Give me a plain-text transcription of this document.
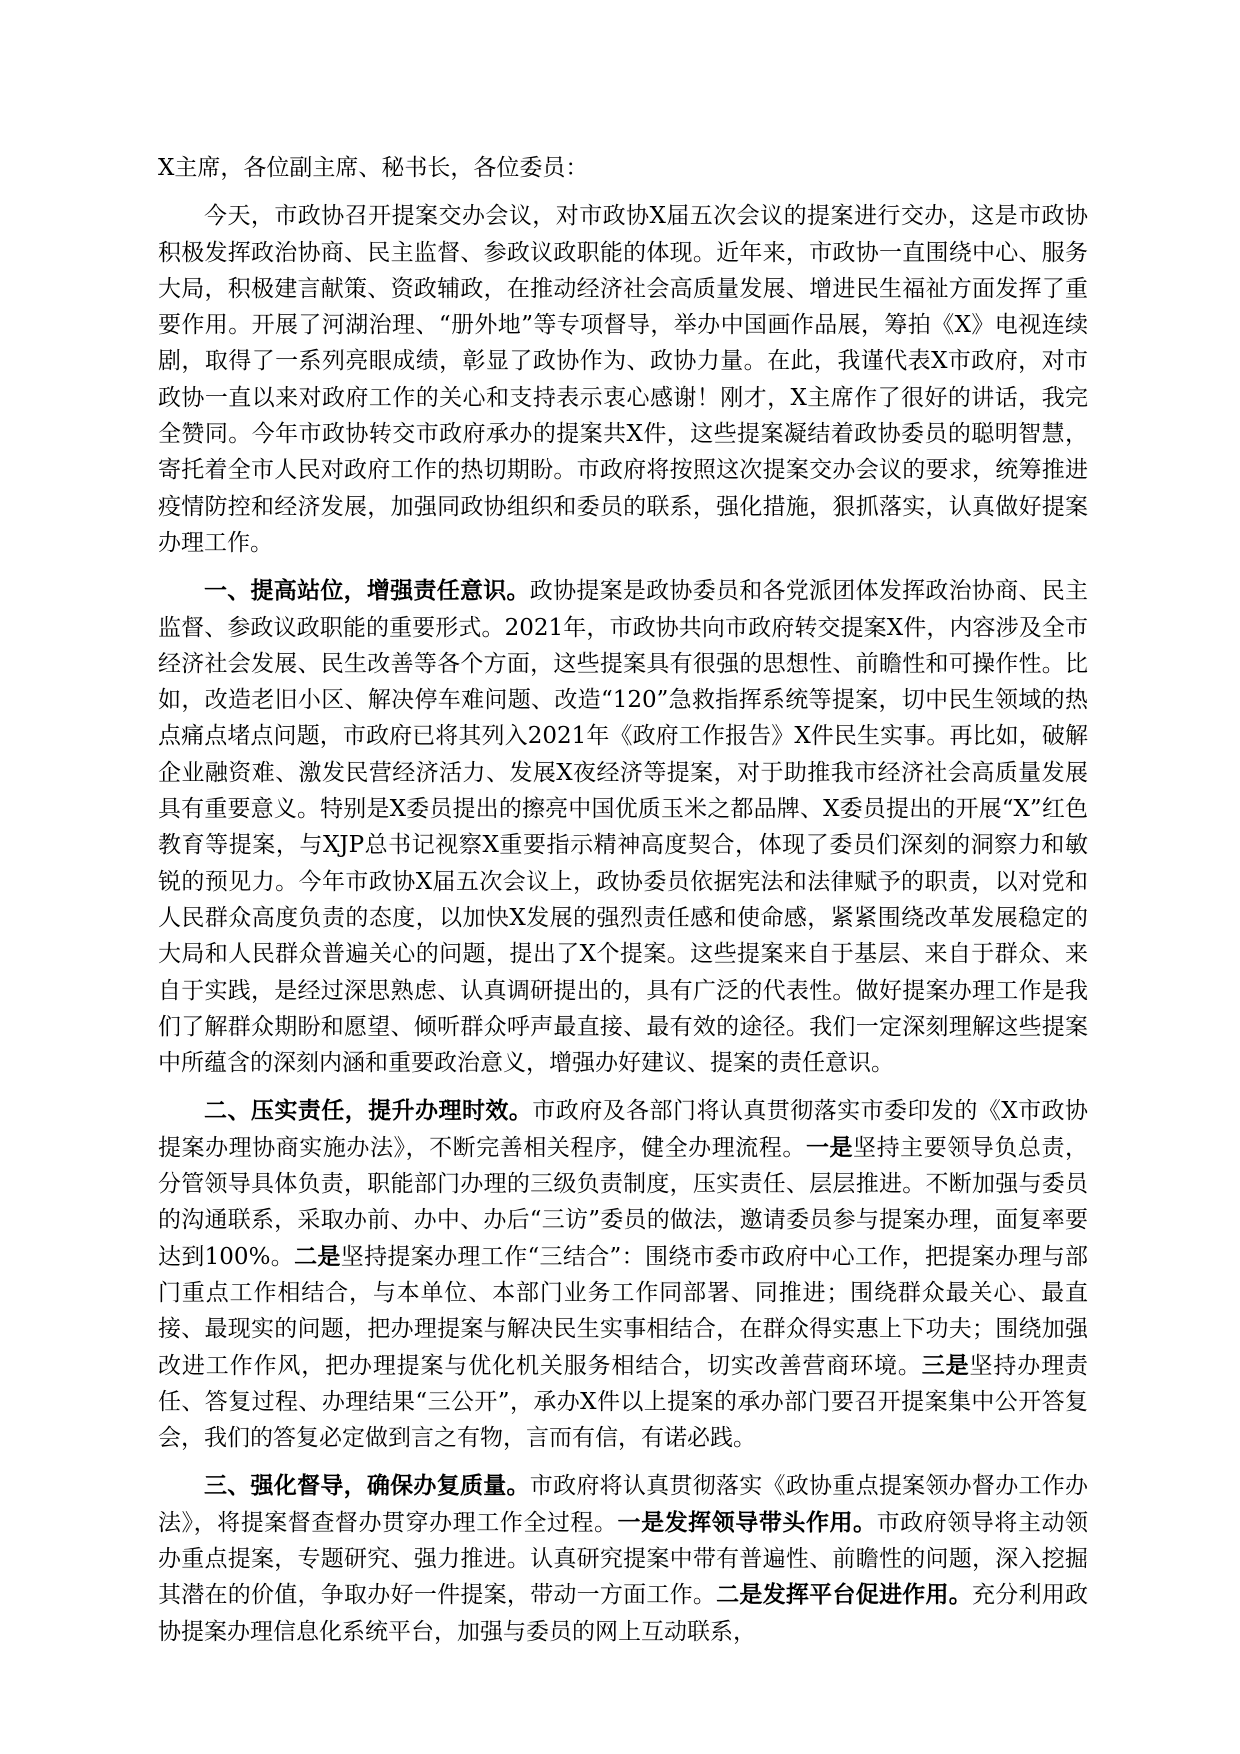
X主席，各位副主席、秘书长，各位委员：

今天，市政协召开提案交办会议，对市政协X届五次会议的提案进行交办，这是市政协积极发挥政治协商、民主监督、参政议政职能的体现。近年来，市政协一直围绕中心、服务大局，积极建言献策、资政辅政，在推动经济社会高质量发展、增进民生福祉方面发挥了重要作用。开展了河湖治理、“册外地”等专项督导，举办中国画作品展，筹拍《X》电视连续剧，取得了一系列亮眼成绩，彰显了政协作为、政协力量。在此，我谨代表X市政府，对市政协一直以来对政府工作的关心和支持表示衷心感谢！刚才，X主席作了很好的讲话，我完全赞同。今年市政协转交市政府承办的提案共X件，这些提案凝结着政协委员的聪明智慧，寄托着全市人民对政府工作的热切期盼。市政府将按照这次提案交办会议的要求，统筹推进疫情防控和经济发展，加强同政协组织和委员的联系，强化措施，狠抓落实，认真做好提案办理工作。

一、提高站位，增强责任意识。政协提案是政协委员和各党派团体发挥政治协商、民主监督、参政议政职能的重要形式。2021年，市政协共向市政府转交提案X件，内容涉及全市经济社会发展、民生改善等各个方面，这些提案具有很强的思想性、前瞻性和可操作性。比如，改造老旧小区、解决停车难问题、改造“120”急救指挥系统等提案，切中民生领域的热点痛点堵点问题，市政府已将其列入2021年《政府工作报告》X件民生实事。再比如，破解企业融资难、激发民营经济活力、发展X夜经济等提案，对于助推我市经济社会高质量发展具有重要意义。特别是X委员提出的擦亮中国优质玉米之都品牌、X委员提出的开展“X”红色教育等提案，与XJP总书记视察X重要指示精神高度契合，体现了委员们深刻的洞察力和敏锐的预见力。今年市政协X届五次会议上，政协委员依据宪法和法律赋予的职责，以对党和人民群众高度负责的态度，以加快X发展的强烈责任感和使命感，紧紧围绕改革发展稳定的大局和人民群众普遍关心的问题，提出了X个提案。这些提案来自于基层、来自于群众、来自于实践，是经过深思熟虑、认真调研提出的，具有广泛的代表性。做好提案办理工作是我们了解群众期盼和愿望、倾听群众呼声最直接、最有效的途径。我们一定深刻理解这些提案中所蕴含的深刻内涵和重要政治意义，增强办好建议、提案的责任意识。

二、压实责任，提升办理时效。市政府及各部门将认真贯彻落实市委印发的《X市政协提案办理协商实施办法》，不断完善相关程序，健全办理流程。一是坚持主要领导负总责，分管领导具体负责，职能部门办理的三级负责制度，压实责任、层层推进。不断加强与委员的沟通联系，采取办前、办中、办后“三访”委员的做法，邀请委员参与提案办理，面复率要达到100%。二是坚持提案办理工作“三结合”：围绕市委市政府中心工作，把提案办理与部门重点工作相结合，与本单位、本部门业务工作同部署、同推进；围绕群众最关心、最直接、最现实的问题，把办理提案与解决民生实事相结合，在群众得实惠上下功夫；围绕加强改进工作作风，把办理提案与优化机关服务相结合，切实改善营商环境。三是坚持办理责任、答复过程、办理结果“三公开”，承办X件以上提案的承办部门要召开提案集中公开答复会，我们的答复必定做到言之有物，言而有信，有诺必践。

三、强化督导，确保办复质量。市政府将认真贯彻落实《政协重点提案领办督办工作办法》，将提案督查督办贯穿办理工作全过程。一是发挥领导带头作用。市政府领导将主动领办重点提案，专题研究、强力推进。认真研究提案中带有普遍性、前瞻性的问题，深入挖掘其潜在的价值，争取办好一件提案，带动一方面工作。二是发挥平台促进作用。充分利用政协提案办理信息化系统平台，加强与委员的网上互动联系，
